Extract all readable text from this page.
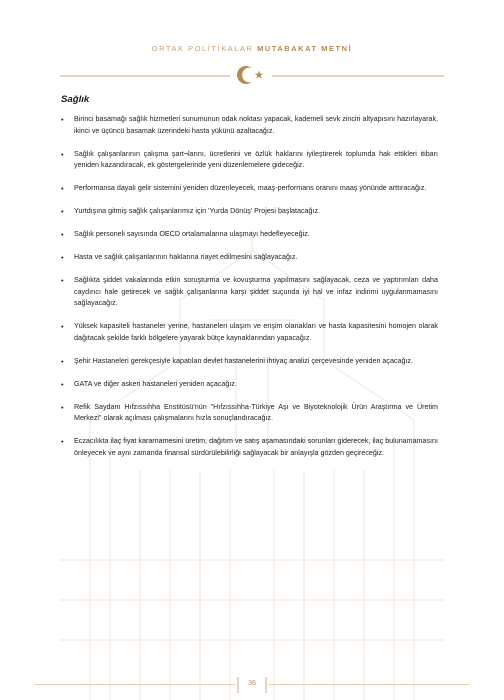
ORTAK POLİTİKALAR MUTABAKAT METNİ
Sağlık
• Birinci basamağı sağlık hizmetleri sunumunun odak noktası yapacak, kademeli sevk zinciri altyapısını hazırlayarak, ikinci ve üçüncü basamak üzerindeki hasta yükünü azaltacağız.
• Sağlık çalışanlarının çalışma şart¬larını, ücretlerini ve özlük haklarını iyileştirerek toplumda hak ettikleri itibarı yeniden kazandıracak, ek göstergelerinde yeni düzenlemelere gideceğiz.
• Performansa dayalı gelir sistemini yeniden düzenleyecek, maaş-performans oranını maaş yönünde arttıracağız.
• Yurtdışına gitmiş sağlık çalışanlarımız için 'Yurda Dönüş' Projesi başlatacağız.
• Sağlık personeli sayısında OECD ortalamalarına ulaşmayı hedefleyeceğiz.
• Hasta ve sağlık çalışanlarının haklarına riayet edilmesini sağlayacağız.
• Sağlıkta şiddet vakalarında etkin soruşturma ve kovuşturma yapılmasını sağlayacak, ceza ve yaptırımları daha caydırıcı hale getirecek ve sağlık çalışanlarına karşı şiddet suçunda iyi hal ve infaz indirimi uygulanmamasını sağlayacağız.
• Yüksek kapasiteli hastaneler yerine, hastaneleri ulaşım ve erişim olanakları ve hasta kapasitesini homojen olarak dağıtacak şekilde farklı bölgelere yayarak bütçe kaynaklarından yapacağız.
• Şehir Hastaneleri gerekçesiyle kapatılan devlet hastanelerini ihtiyaç analizi çerçevesinde yeniden açacağız.
• GATA ve diğer askeri hastaneleri yeniden açacağız.
• Refik Saydam Hıfzıssıhha Enstitüsü'nün "Hıfzıssıhha-Türkiye Aşı ve Biyoteknolojik Ürün Araştırma ve Üretim Merkezi" olarak açılması çalışmalarını hızla sonuçlandıracağız.
• Eczacılıkta ilaç fiyat kararnamesini üretim, dağıtım ve satış aşamasındaki sorunları giderecek, ilaç bulunamamasını önleyecek ve aynı zamanda finansal sürdürülebilirliği sağlayacak bir anlayışla gözden geçireceğiz.
36
